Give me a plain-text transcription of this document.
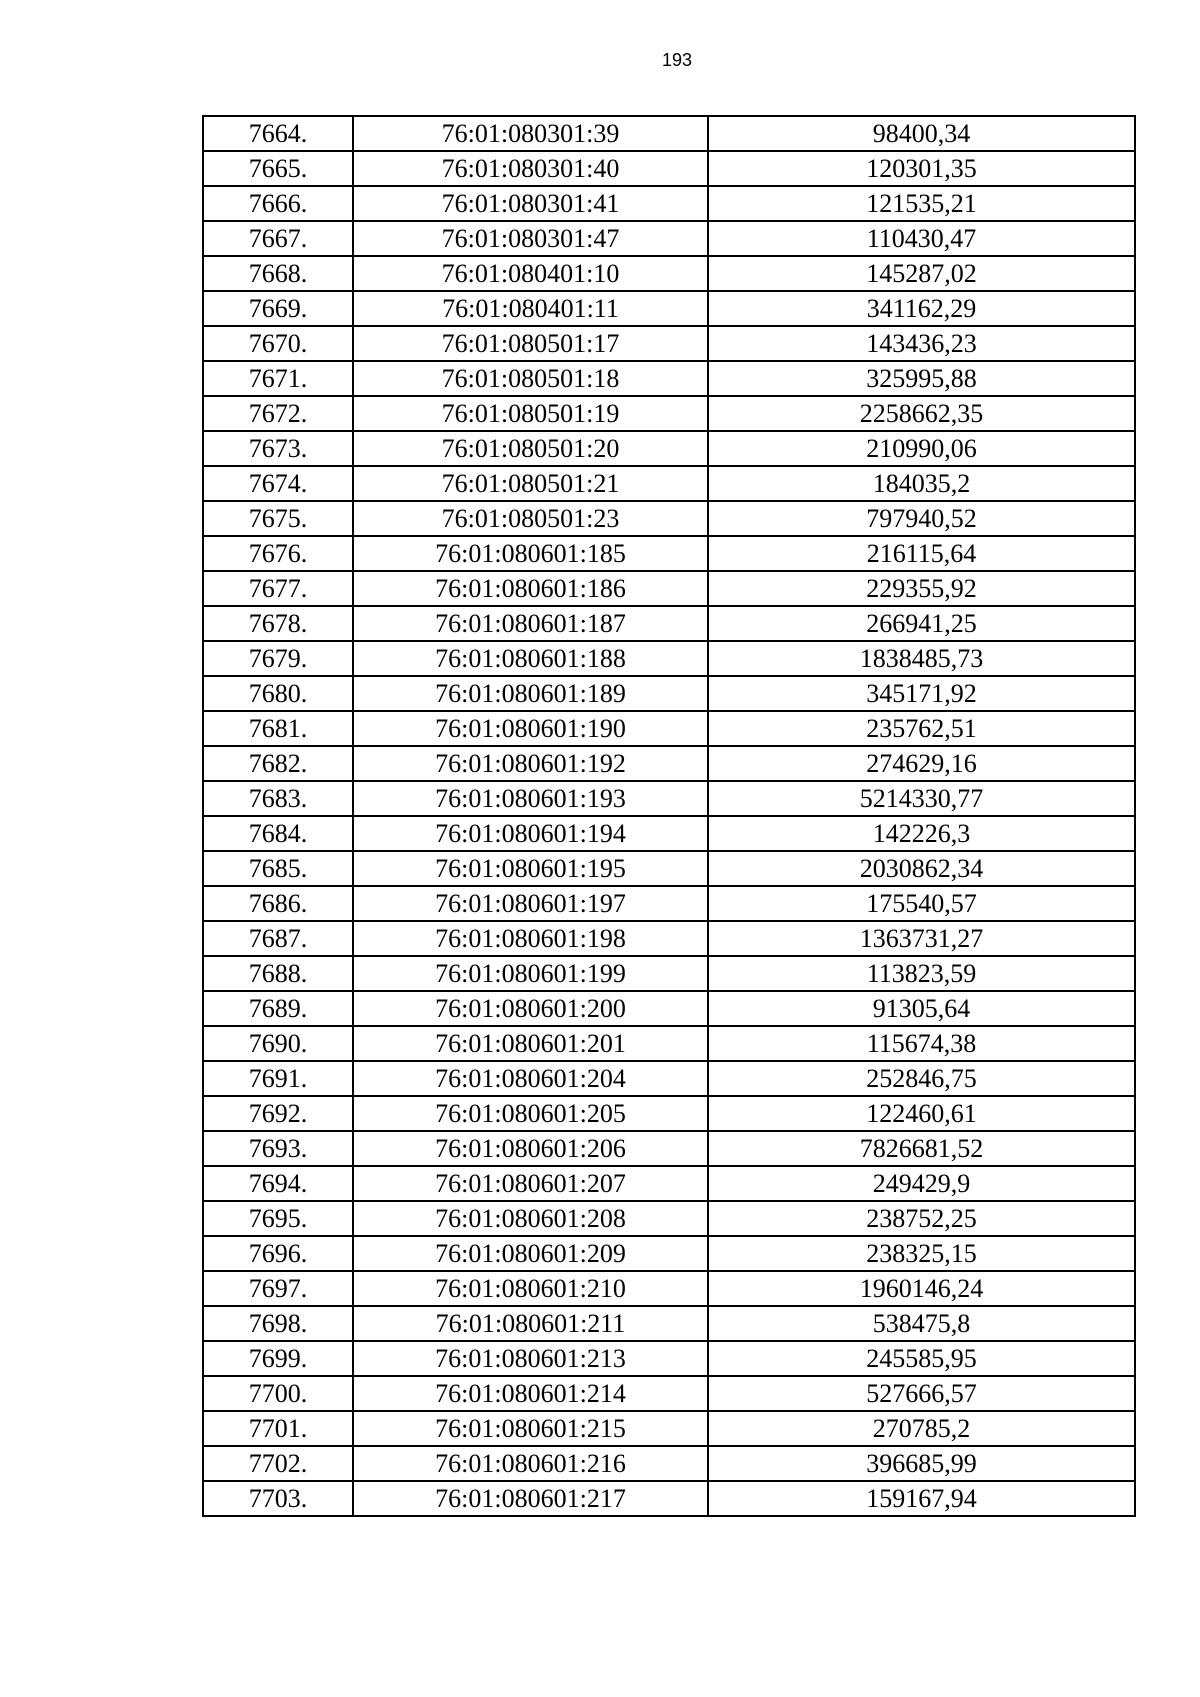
193
7664.	76:01:080301:39	98400,34
7665.	76:01:080301:40	120301,35
7666.	76:01:080301:41	121535,21
7667.	76:01:080301:47	110430,47
7668.	76:01:080401:10	145287,02
7669.	76:01:080401:11	341162,29
7670.	76:01:080501:17	143436,23
7671.	76:01:080501:18	325995,88
7672.	76:01:080501:19	2258662,35
7673.	76:01:080501:20	210990,06
7674.	76:01:080501:21	184035,2
7675.	76:01:080501:23	797940,52
7676.	76:01:080601:185	216115,64
7677.	76:01:080601:186	229355,92
7678.	76:01:080601:187	266941,25
7679.	76:01:080601:188	1838485,73
7680.	76:01:080601:189	345171,92
7681.	76:01:080601:190	235762,51
7682.	76:01:080601:192	274629,16
7683.	76:01:080601:193	5214330,77
7684.	76:01:080601:194	142226,3
7685.	76:01:080601:195	2030862,34
7686.	76:01:080601:197	175540,57
7687.	76:01:080601:198	1363731,27
7688.	76:01:080601:199	113823,59
7689.	76:01:080601:200	91305,64
7690.	76:01:080601:201	115674,38
7691.	76:01:080601:204	252846,75
7692.	76:01:080601:205	122460,61
7693.	76:01:080601:206	7826681,52
7694.	76:01:080601:207	249429,9
7695.	76:01:080601:208	238752,25
7696.	76:01:080601:209	238325,15
7697.	76:01:080601:210	1960146,24
7698.	76:01:080601:211	538475,8
7699.	76:01:080601:213	245585,95
7700.	76:01:080601:214	527666,57
7701.	76:01:080601:215	270785,2
7702.	76:01:080601:216	396685,99
7703.	76:01:080601:217	159167,94
